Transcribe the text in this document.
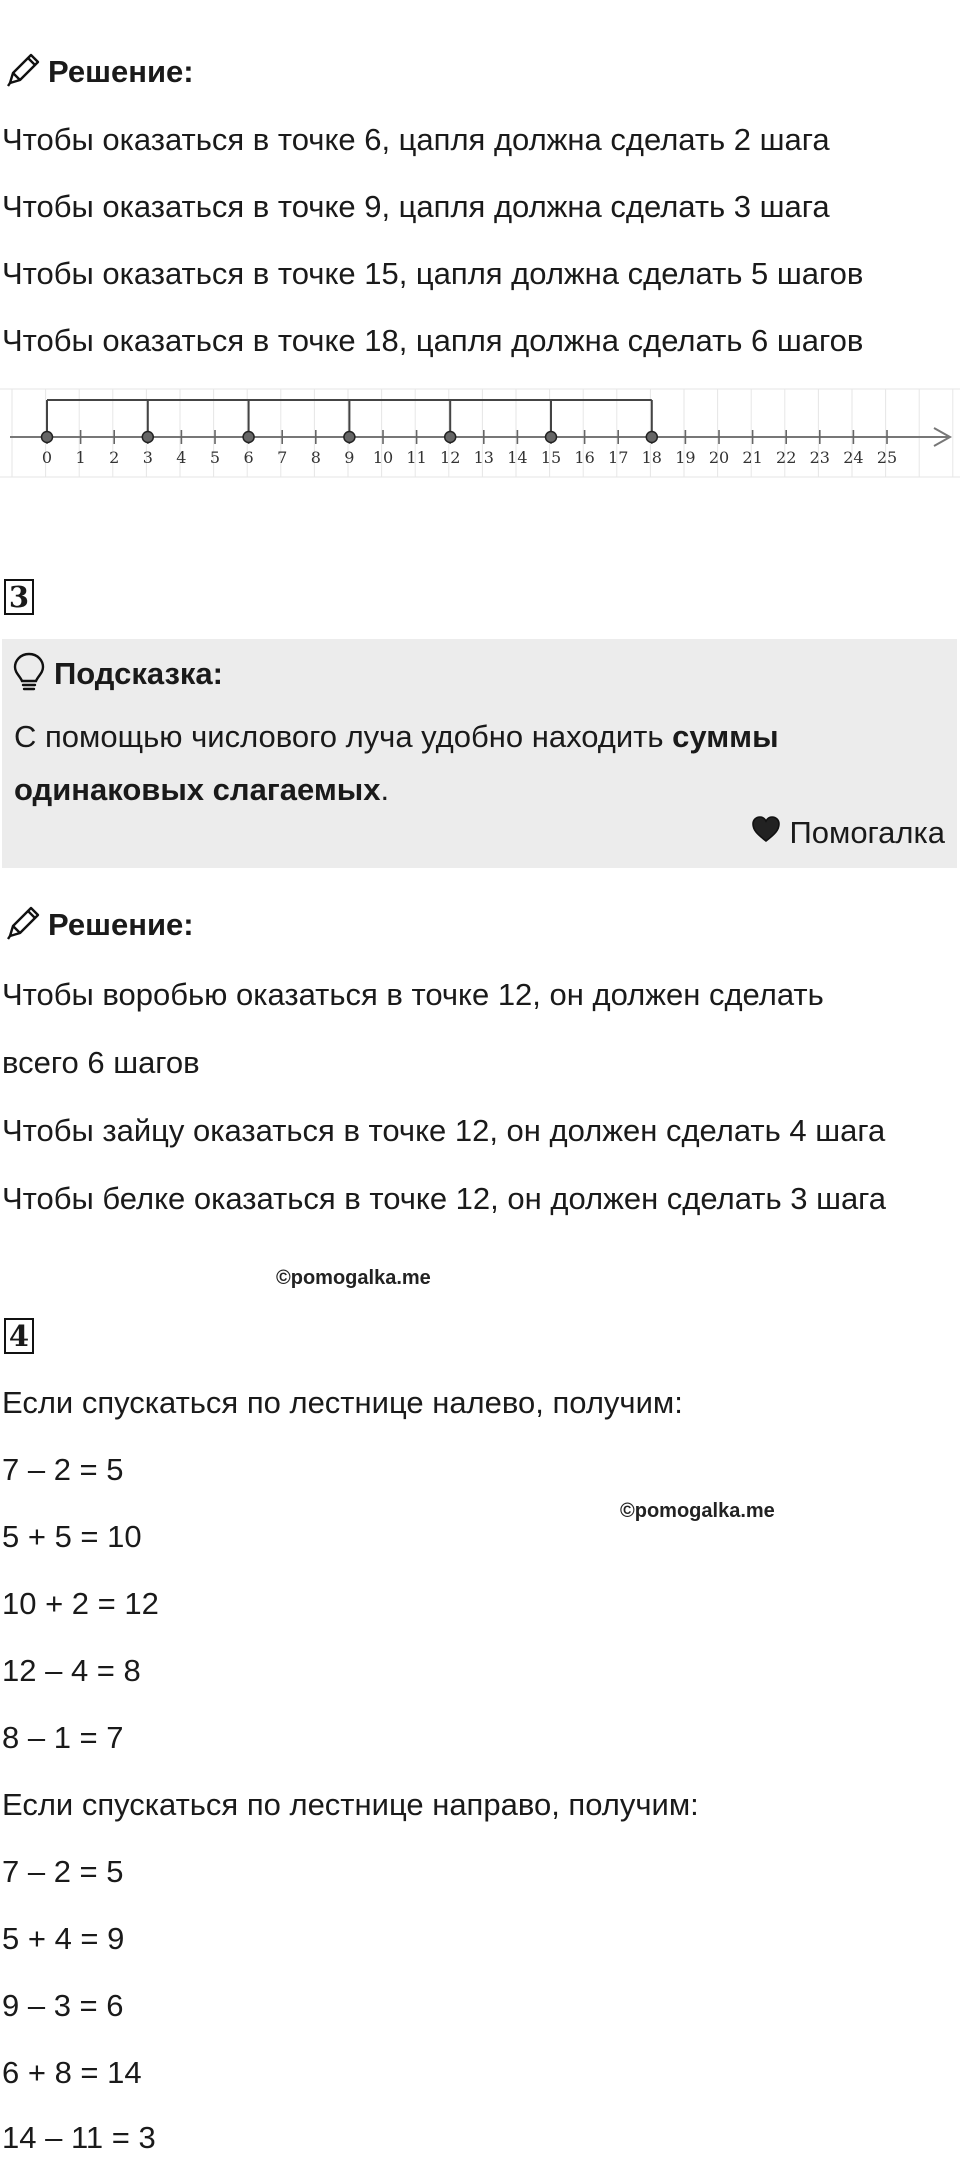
Решение:
Чтобы оказаться в точке 6, цапля должна сделать 2 шага
Чтобы оказаться в точке 9, цапля должна сделать 3 шага
Чтобы оказаться в точке 15, цапля должна сделать 5 шагов
Чтобы оказаться в точке 18, цапля должна сделать 6 шагов
0 1 2 3 4 5 6 7 8 9 10 11 12 13 14 15 16 17 18 19 20 21 22 23 24 25
3
Подсказка:
С помощью числового луча удобно находить суммы одинаковых слагаемых.
Помогалка
Решение:
Чтобы воробью оказаться в точке 12, он должен сделать
всего 6 шагов
Чтобы зайцу оказаться в точке 12, он должен сделать 4 шага
Чтобы белке оказаться в точке 12, он должен сделать 3 шага
©pomogalka.me
4
Если спускаться по лестнице налево, получим:
7 – 2 = 5
©pomogalka.me
5 + 5 = 10
10 + 2 = 12
12 – 4 = 8
8 – 1 = 7
Если спускаться по лестнице направо, получим:
7 – 2 = 5
5 + 4 = 9
9 – 3 = 6
6 + 8 = 14
14 – 11 = 3
